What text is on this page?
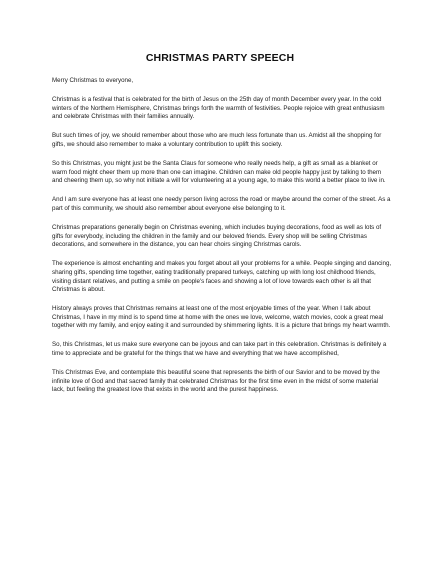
CHRISTMAS PARTY SPEECH

Merry Christmas to everyone,

Christmas is a festival that is celebrated for the birth of Jesus on the 25th day of month December every year. In the cold winters of the Northern Hemisphere, Christmas brings forth the warmth of festivities. People rejoice with great enthusiasm and celebrate Christmas with their families annually.

But such times of joy, we should remember about those who are much less fortunate than us. Amidst all the shopping for gifts, we should also remember to make a voluntary contribution to uplift this society.

So this Christmas, you might just be the Santa Claus for someone who really needs help, a gift as small as a blanket or warm food might cheer them up more than one can imagine. Children can make old people happy just by talking to them and cheering them up, so why not initiate a will for volunteering at a young age, to make this world a better place to live in.

And I am sure everyone has at least one needy person living across the road or maybe around the corner of the street. As a part of this community, we should also remember about everyone else belonging to it.

Christmas preparations generally begin on Christmas evening, which includes buying decorations, food as well as lots of gifts for everybody, including the children in the family and our beloved friends. Every shop will be selling Christmas decorations, and somewhere in the distance, you can hear choirs singing Christmas carols.

The experience is almost enchanting and makes you forget about all your problems for a while. People singing and dancing, sharing gifts, spending time together, eating traditionally prepared turkeys, catching up with long lost childhood friends, visiting distant relatives, and putting a smile on people's faces and showing a lot of love towards each other is all that Christmas is about.

History always proves that Christmas remains at least one of the most enjoyable times of the year. When I talk about Christmas, I have in my mind is to spend time at home with the ones we love, welcome, watch movies, cook a great meal together with my family, and enjoy eating it and surrounded by shimmering lights. It is a picture that brings my heart warmth.

So, this Christmas, let us make sure everyone can be joyous and can take part in this celebration. Christmas is definitely a time to appreciate and be grateful for the things that we have and everything that we have accomplished,

This Christmas Eve, and contemplate this beautiful scene that represents the birth of our Savior and to be moved by the infinite love of God and that sacred family that celebrated Christmas for the first time even in the midst of some material lack, but feeling the greatest love that exists in the world and the purest happiness.
